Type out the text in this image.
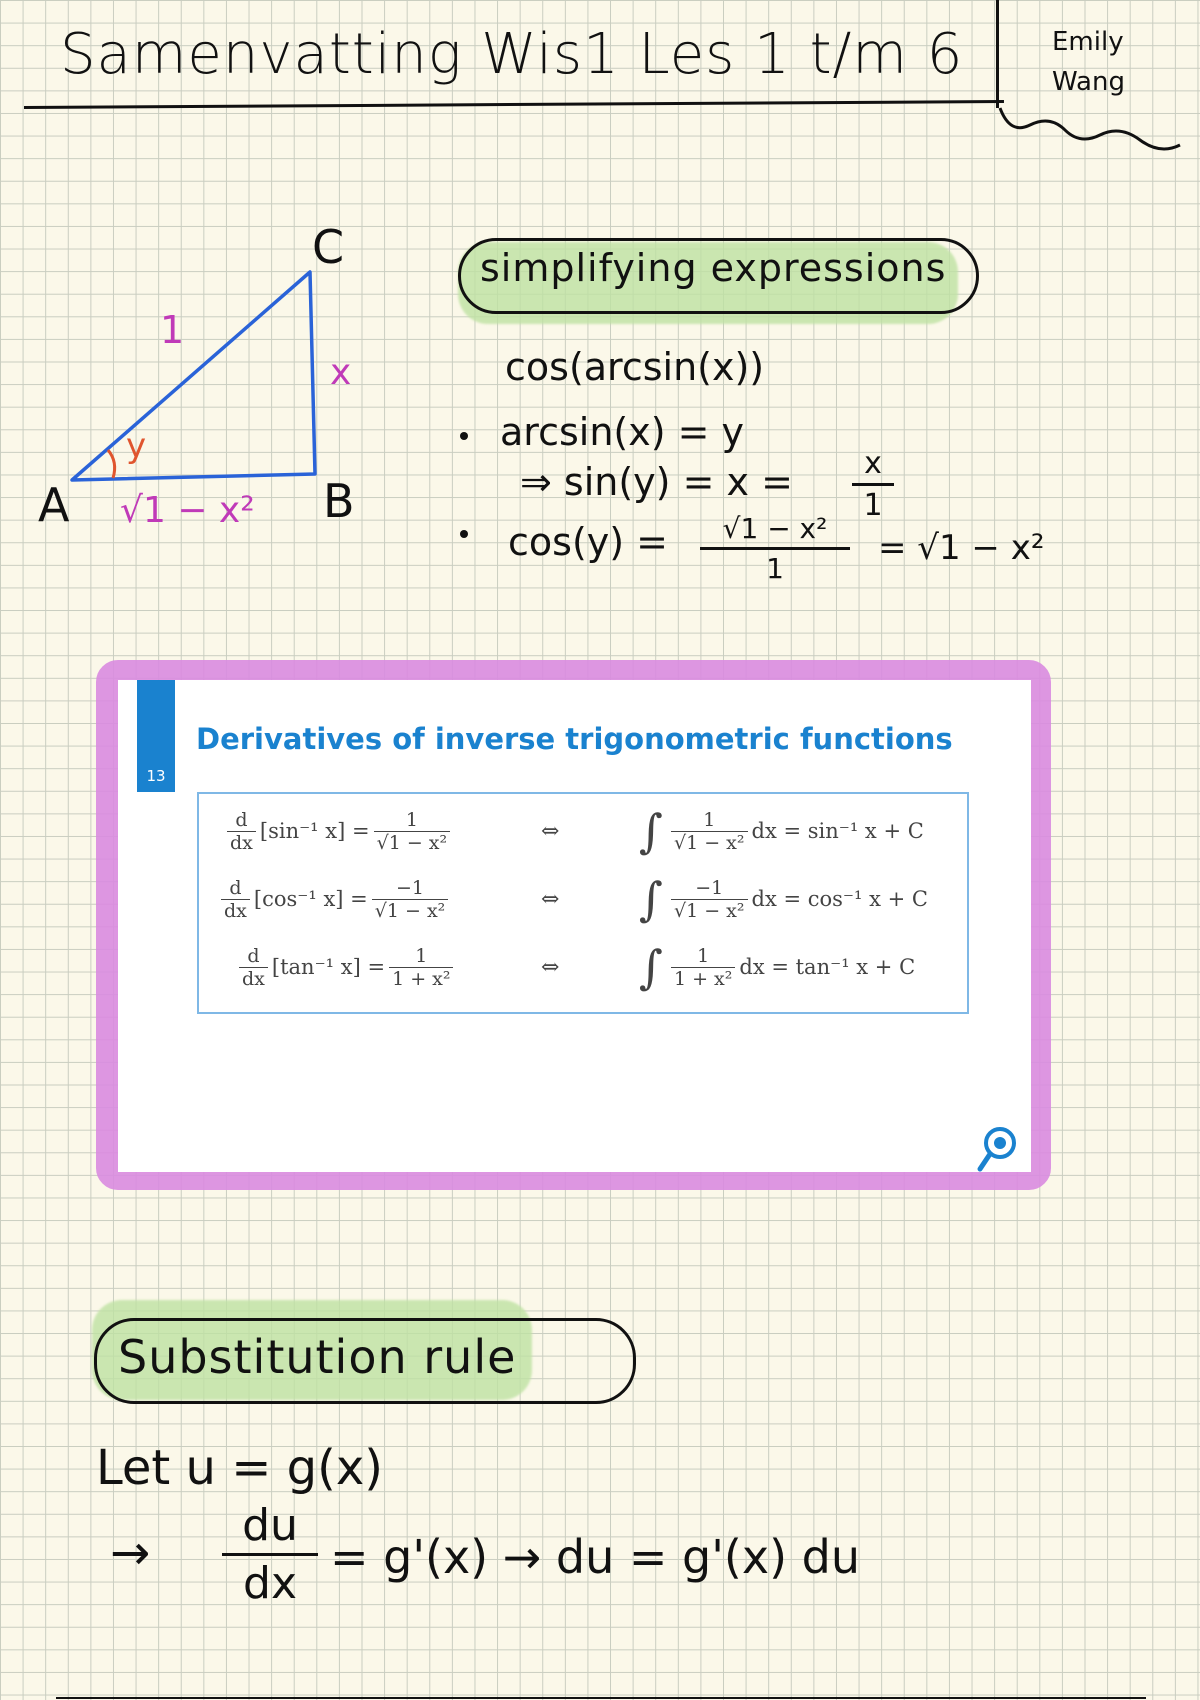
Samenvatting Wis1 Les 1 t/m 6	Emily
Wang
A	B
C
1
x
y
√1 − x²
simplifying expressions
cos(arcsin(x))
arcsin(x) = y
⇒ sin(y) = x =	x
1
cos(y) =	√1 − x²
1
= √1 − x²
13
Derivatives of inverse trigonometric functions
d
dx [sin⁻¹ $x] = \frac{1}{\text{√1 − x²}}$	⇔ ∫ $\frac{1}{\text{√1 − x²}}$ dx = sin⁻¹ x + C
d
dx [cos⁻¹ $x] = \frac{-1}{\text{√1 − x²}}$	⇔ ∫ $\frac{-1}{\text{√1 − x²}}$ dx = cos⁻¹ x + C
d
dx [tan⁻¹ $x] = \frac{1}{\text{1 + x²}}$	⇔ ∫ $\frac{1}{\text{1 + x²}}$ dx = tan⁻¹ x + C
Substitution rule
Let u = g(x)
→	du
dx = g'(x) → du = g'(x) du
